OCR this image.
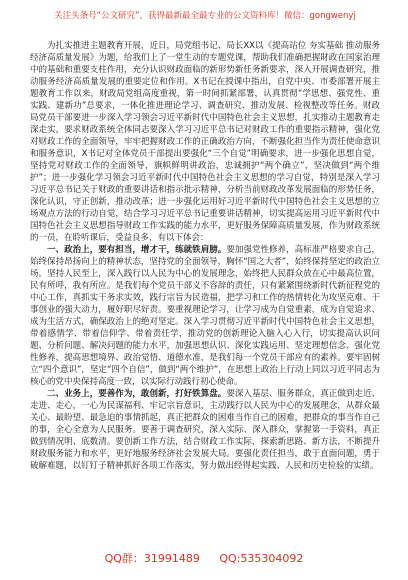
关注头条号“公文研究”，获得最新最全最专业的公文资料库！微信：gongwenyj

为扎实推进主题教育开展，近日，局党组书记、局长XX以《提高站位 夯实基础 推动服务经济高质量发展》为题，给我们上了一堂生动的专题党课，帮助我们准确把握財政在国家治理中的基础和重要支柱作用，充分认识财政面临的新形势新任务新要求，深入开展调查研究，推动服务经济高质量发展的重要定位和作用。X书记在授课中指出，自党中央、市委部署开展主题教育工作以来，财政局党组高度重视，第一时间抓紧部署，认真贯彻“学思想、强党性、重实践、建新功”总要求，一体化推进理论学习、调查研究、推动发展、检视整改等任务。财政局党员干部要进一步深入学习领会习近平新时代中国特色社会主义思想，扎实推动主题教育走深走实，要求财政系统全体同志要深入学习习近平总书记对财政工作的重要指示精神，强化党对财政工作的全面领导，牢牢把握财政工作的正确政治方向，不断强化担当作为责任使命意识和服务意识，X书记对全体党员干部提出要强化“三个自觉”明确要求，进一步强化思想自觉，坚持党对财政工作的全面领导，旗帜鲜明讲政治，忠诚拥护“两个确立”，坚决做到“两个维护”；进一步强化学习领会习近平新时代中国特色社会主义思想的学习自觉，特别是深入学习习近平总书记关于财政的重要讲话和指示批示精神，分析当前财政改革发展面临的形势任务，深化认识，守正创新，推动改革；进一步强化运用好习近平新时代中国特色社会主义思想的立场观点方法的行动自觉，结合学习习近平总书记重要讲话精神，切实提高运用习近平新时代中国特色社会主义思想指导财政工作实践的能力水平，更好服务保障高质量发展，作为财政系统的一员，在聆听课后，受益良多，有以下体会：

一、政治上，要有担当，增才干，练就铁肩膀。要加强党性修养，高标准严格要求自己，始终保持昂扬向上的精神状态，坚持党的全面领导，胸怀“国之大者”，始终保持坚定的政治立场。坚持人民至上，深入践行以人民为中心的发展理念，始终把人民群众放在心中最高位置，民有所呼，我有所应。是我们每个党员干部义不容辞的责任，只有紧紧围绕新时代新征程党的中心工作，真抓实干务求实效，践行宗旨为民造福，把学习和工作的热情转化为攻坚克难、干事创业的强大动力，履好职尽好责。要重视理论学习，让学习成为自觉重素，成为自觉追求、成为生活方式，确保政治上的绝对坚定。深入学习贯彻习近平新时代中国特色社会主义思想，带着感情学、带着信仰学、带着责任学，推动党的创新理论入脑入心入行，切实提高认识问题、分析问题、解决问题的能力水平，加强思想认识、深化实践运用、坚定理想信念、强化党性修养，提高思想境界、政治觉悟、道德水准，是我们每一个党员干部应有的素养。要牢固树立“四个意识”，坚定“四个自信”，做到“两个维护”，在思想上政治上行动上同以习近平同志为核心的党中央保持高度一致，以实际行动践行初心使命。

二、业务上，要善作为，敢创新，打好铁算盘。要深入基层、服务群众，真正做到走近、走进、走心，一心为民谋福利、牢记宗旨意识，主动践行以人民为中心的发展理念，从群众最关心、最盼望、最急迫的事情抓起，真正把群众的困难当作自己的困难，把群众的事当作自己的事，全心全意为人民服务。要善于调查研究，深入实际、深入群众，掌握第一手资料，真正做到情况明、底数清。要创新工作方法，结合财政工作实际，探索新思路、新方法，不断提升财政服务能力和水平，更好地服务经济社会发展大局。要强化责任担当，敢于直面问题，勇于破解难题，以钉钉子精神抓好各项工作落实，努力做出经得起实践、人民和历史检验的实绩。

QQ群：31991489 QQ:535304092
